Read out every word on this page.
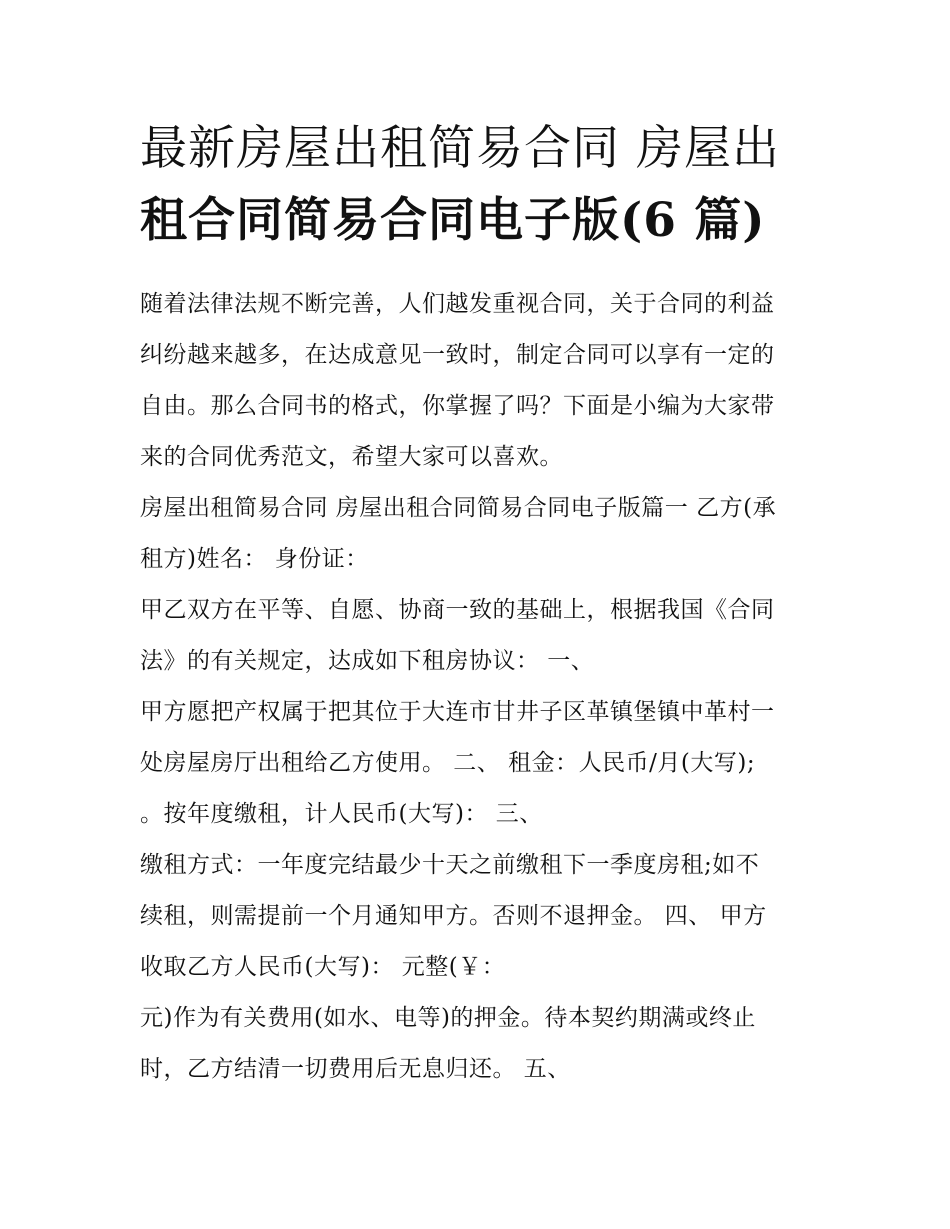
最新房屋出租简易合同 房屋出
租合同简易合同电子版(6 篇)
随着法律法规不断完善，人们越发重视合同，关于合同的利益
纠纷越来越多，在达成意见一致时，制定合同可以享有一定的
自由。那么合同书的格式，你掌握了吗？下面是小编为大家带
来的合同优秀范文，希望大家可以喜欢。
房屋出租简易合同 房屋出租合同简易合同电子版篇一 乙方(承
租方)姓名： 身份证：
甲乙双方在平等、自愿、协商一致的基础上，根据我国《合同
法》的有关规定，达成如下租房协议： 一、
甲方愿把产权属于把其位于大连市甘井子区革镇堡镇中革村一
处房屋房厅出租给乙方使用。 二、 租金：人民币/月(大写);
。按年度缴租，计人民币(大写)： 三、
缴租方式：一年度完结最少十天之前缴租下一季度房租;如不
续租，则需提前一个月通知甲方。否则不退押金。 四、 甲方
收取乙方人民币(大写)： 元整(￥：
元)作为有关费用(如水、电等)的押金。待本契约期满或终止
时，乙方结清一切费用后无息归还。 五、
